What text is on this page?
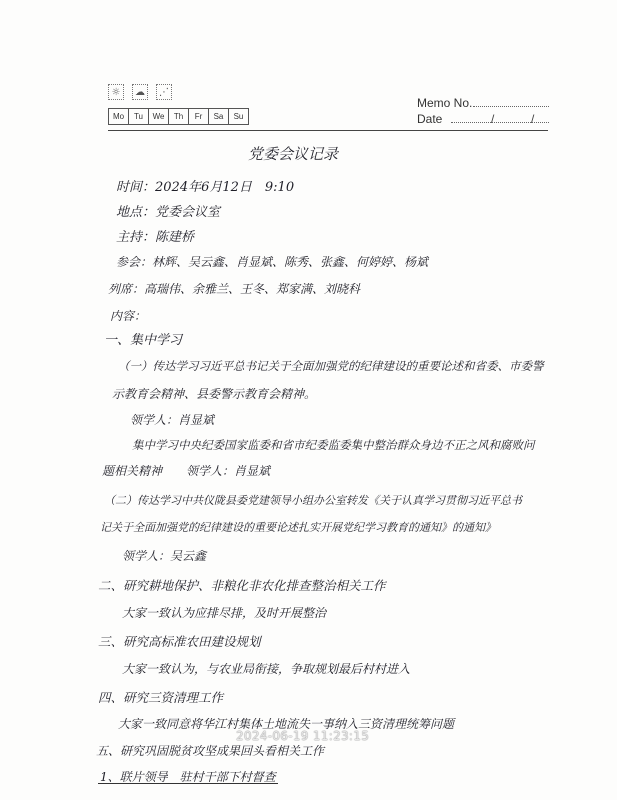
☼	☁	⋰
Mo	Tu	We	Th	Fr	Sa	Su
Memo No.
Date	/	/
党委会议记录
时间：2024年6月12日　9:10
地点：党委会议室
主持：陈建桥
参会：林辉、吴云鑫、肖显斌、陈秀、张鑫、何婷婷、杨斌
列席：高瑞伟、余雅兰、王冬、郑家满、刘晓科
内容：
一、集中学习
（一）传达学习习近平总书记关于全面加强党的纪律建设的重要论述和省委、市委警
示教育会精神、县委警示教育会精神。
领学人：肖显斌
集中学习中央纪委国家监委和省市纪委监委集中整治群众身边不正之风和腐败问
题相关精神　　领学人：肖显斌
（二）传达学习中共仪陇县委党建领导小组办公室转发《关于认真学习贯彻习近平总书
记关于全面加强党的纪律建设的重要论述扎实开展党纪学习教育的通知》的通知》
领学人：吴云鑫
二、研究耕地保护、非粮化非农化排查整治相关工作
大家一致认为应排尽排，及时开展整治
三、研究高标准农田建设规划
大家一致认为，与农业局衔接，争取规划最后村村进入
四、研究三资清理工作
大家一致同意将华江村集体土地流失一事纳入三资清理统筹问题
五、研究巩固脱贫攻坚成果回头看相关工作
1、联片领导　驻村干部下村督查
2024-06-19 11:23:15
